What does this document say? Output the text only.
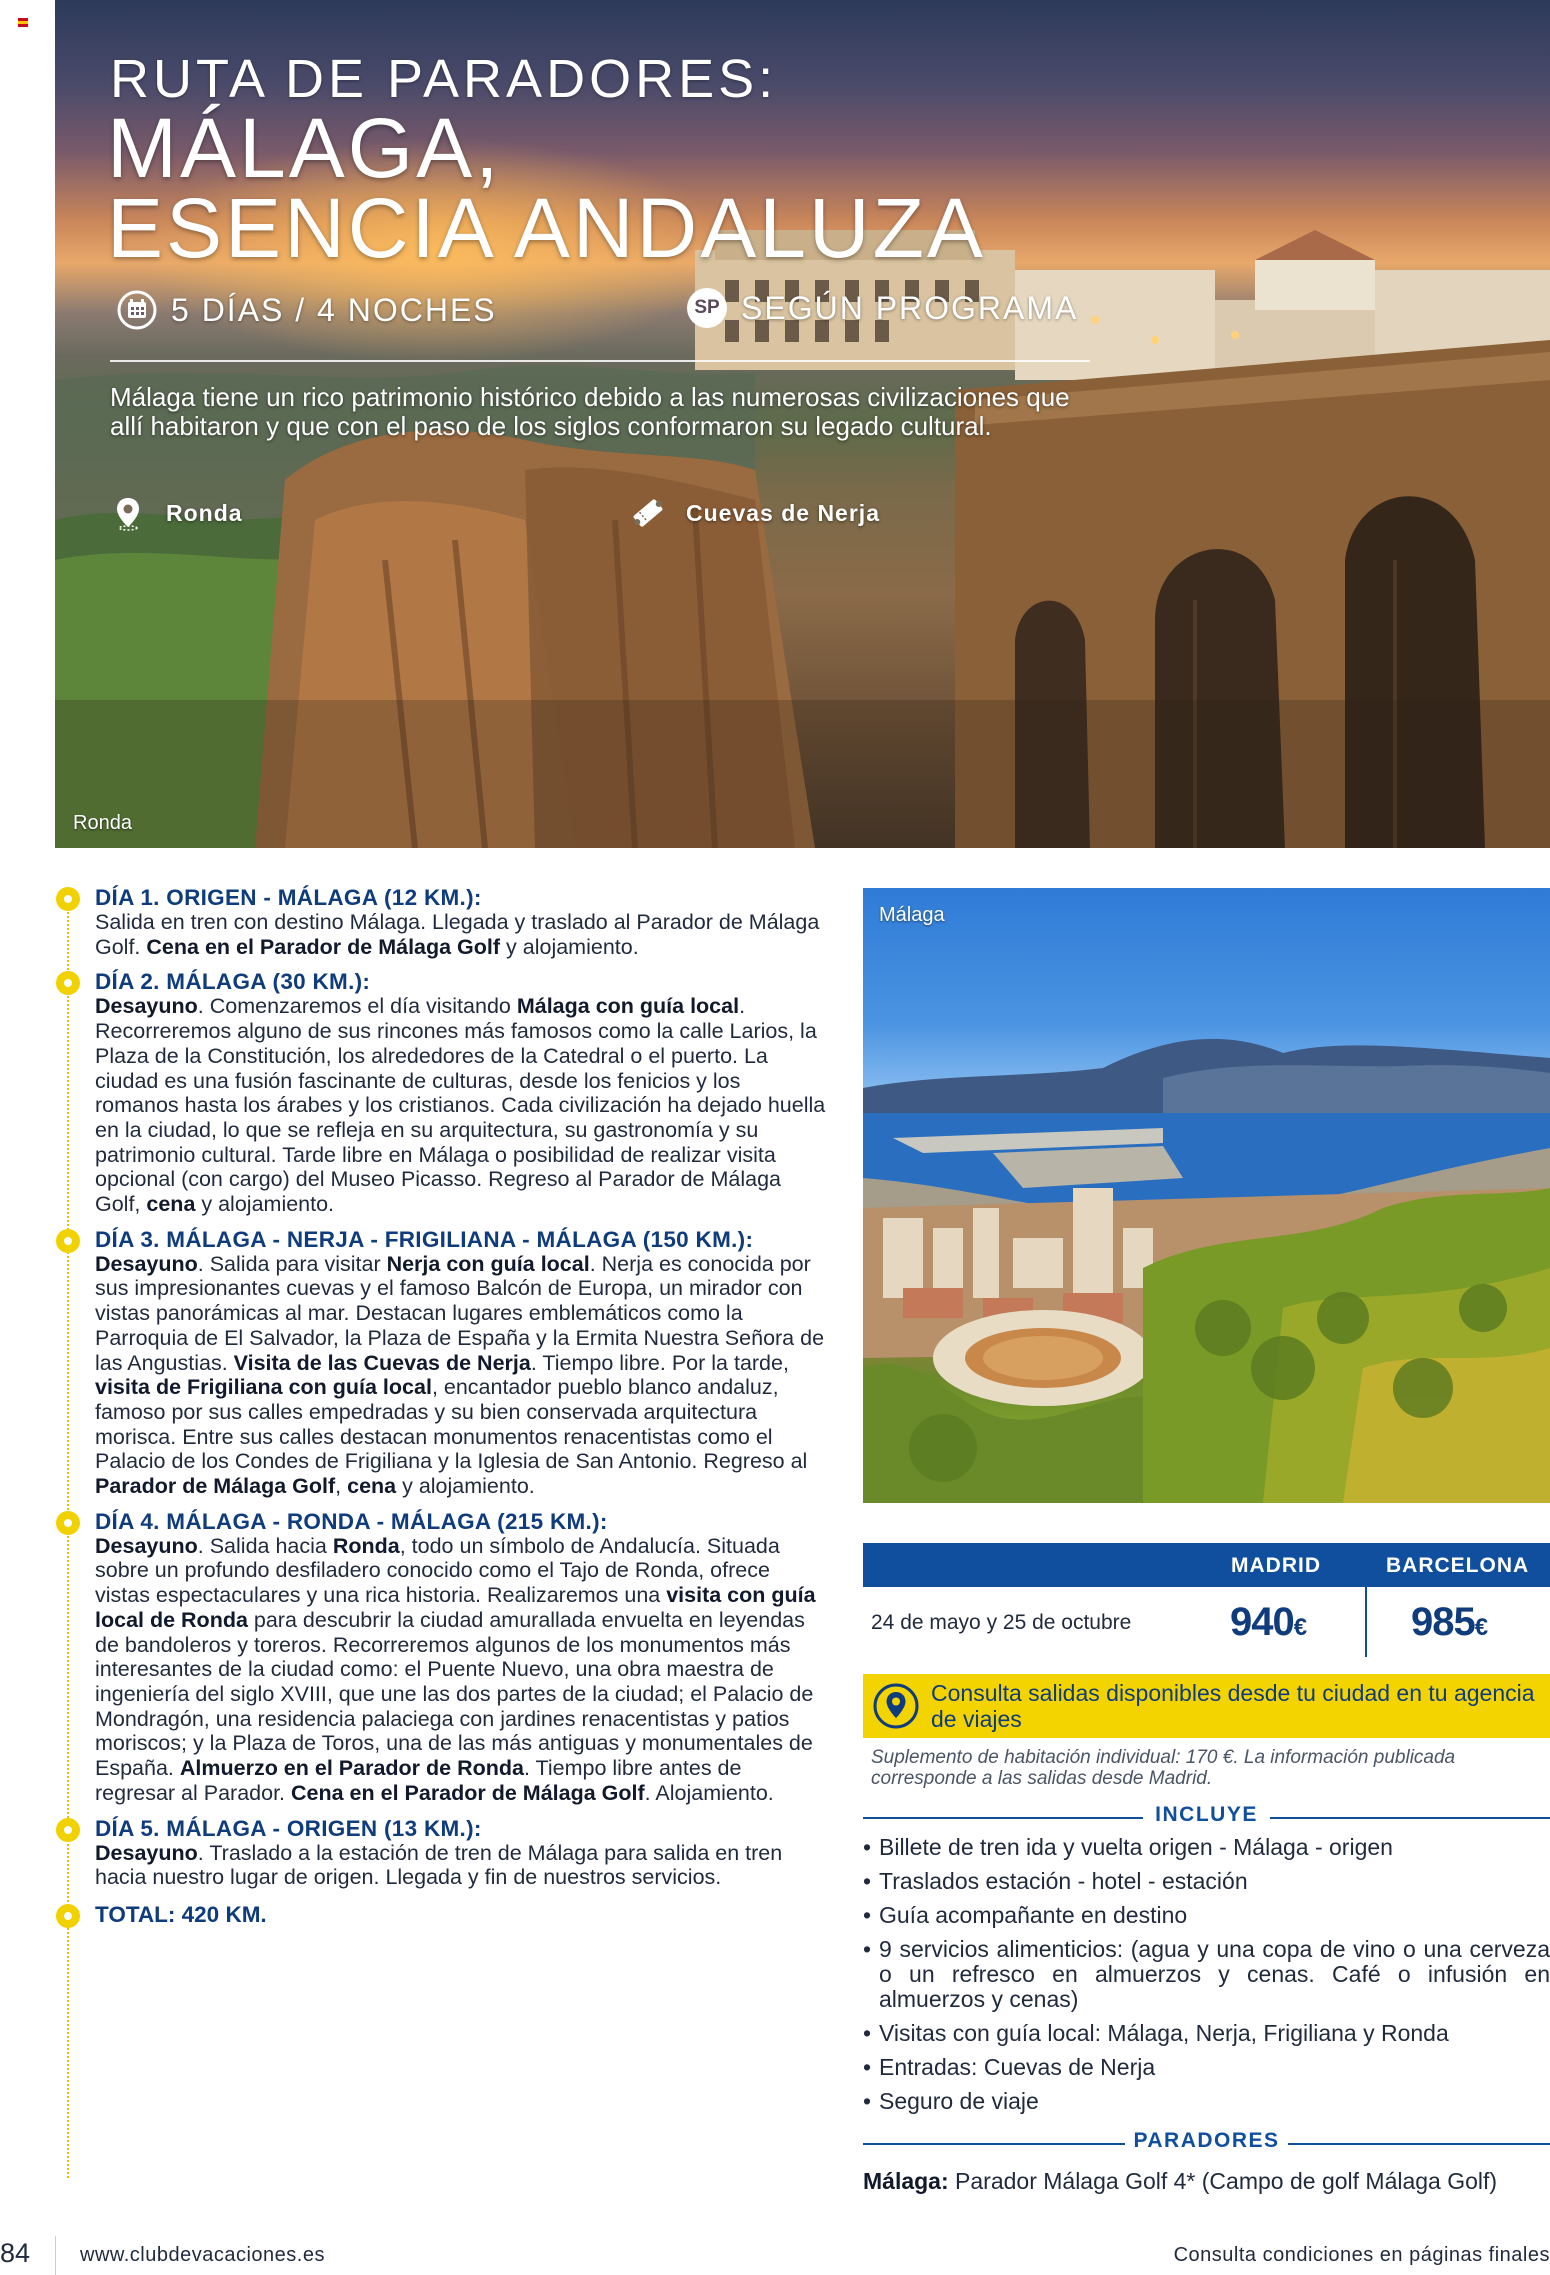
RUTA DE PARADORES:
MÁLAGA,
ESENCIA ANDALUZA
5 DÍAS / 4 NOCHES	SP SEGÚN PROGRAMA

Málaga tiene un rico patrimonio histórico debido a las numerosas civilizaciones que allí habitaron y que con el paso de los siglos conformaron su legado cultural.

Ronda	Cuevas de Nerja
Ronda
DÍA 1. ORIGEN - MÁLAGA (12 KM.):
Salida en tren con destino Málaga. Llegada y traslado al Parador de Málaga Golf. Cena en el Parador de Málaga Golf y alojamiento.
DÍA 2. MÁLAGA (30 KM.):
Desayuno. Comenzaremos el día visitando Málaga con guía local. Recorreremos alguno de sus rincones más famosos como la calle Larios, la Plaza de la Constitución, los alrededores de la Catedral o el puerto. La ciudad es una fusión fascinante de culturas, desde los fenicios y los romanos hasta los árabes y los cristianos. Cada civilización ha dejado huella en la ciudad, lo que se refleja en su arquitectura, su gastronomía y su patrimonio cultural. Tarde libre en Málaga o posibilidad de realizar visita opcional (con cargo) del Museo Picasso. Regreso al Parador de Málaga Golf, cena y alojamiento.
DÍA 3. MÁLAGA - NERJA - FRIGILIANA - MÁLAGA (150 KM.):
Desayuno. Salida para visitar Nerja con guía local. Nerja es conocida por sus impresionantes cuevas y el famoso Balcón de Europa, un mirador con vistas panorámicas al mar. Destacan lugares emblemáticos como la Parroquia de El Salvador, la Plaza de España y la Ermita Nuestra Señora de las Angustias. Visita de las Cuevas de Nerja. Tiempo libre. Por la tarde, visita de Frigiliana con guía local, encantador pueblo blanco andaluz, famoso por sus calles empedradas y su bien conservada arquitectura morisca. Entre sus calles destacan monumentos renacentistas como el Palacio de los Condes de Frigiliana y la Iglesia de San Antonio. Regreso al Parador de Málaga Golf, cena y alojamiento.
DÍA 4. MÁLAGA - RONDA - MÁLAGA (215 KM.):
Desayuno. Salida hacia Ronda, todo un símbolo de Andalucía. Situada sobre un profundo desfiladero conocido como el Tajo de Ronda, ofrece vistas espectaculares y una rica historia. Realizaremos una visita con guía local de Ronda para descubrir la ciudad amurallada envuelta en leyendas de bandoleros y toreros. Recorreremos algunos de los monumentos más interesantes de la ciudad como: el Puente Nuevo, una obra maestra de ingeniería del siglo XVIII, que une las dos partes de la ciudad; el Palacio de Mondragón, una residencia palaciega con jardines renacentistas y patios moriscos; y la Plaza de Toros, una de las más antiguas y monumentales de España. Almuerzo en el Parador de Ronda. Tiempo libre antes de regresar al Parador. Cena en el Parador de Málaga Golf. Alojamiento.
DÍA 5. MÁLAGA - ORIGEN (13 KM.):
Desayuno. Traslado a la estación de tren de Málaga para salida en tren hacia nuestro lugar de origen. Llegada y fin de nuestros servicios.
TOTAL: 420 KM.
Málaga
MADRID	BARCELONA
24 de mayo y 25 de octubre 940€	985€
Consulta salidas disponibles desde tu ciudad en tu agencia de viajes
Suplemento de habitación individual: 170 €. La información publicada corresponde a las salidas desde Madrid.
INCLUYE
• Billete de tren ida y vuelta origen - Málaga - origen
• Traslados estación - hotel - estación
• Guía acompañante en destino
• 9 servicios alimenticios: (agua y una copa de vino o una cerveza o un refresco en almuerzos y cenas. Café o infusión en almuerzos y cenas)
• Visitas con guía local: Málaga, Nerja, Frigiliana y Ronda
• Entradas: Cuevas de Nerja
• Seguro de viaje
PARADORES
Málaga: Parador Málaga Golf 4* (Campo de golf Málaga Golf)
84 www.clubdevacaciones.es	Consulta condiciones en páginas finales
